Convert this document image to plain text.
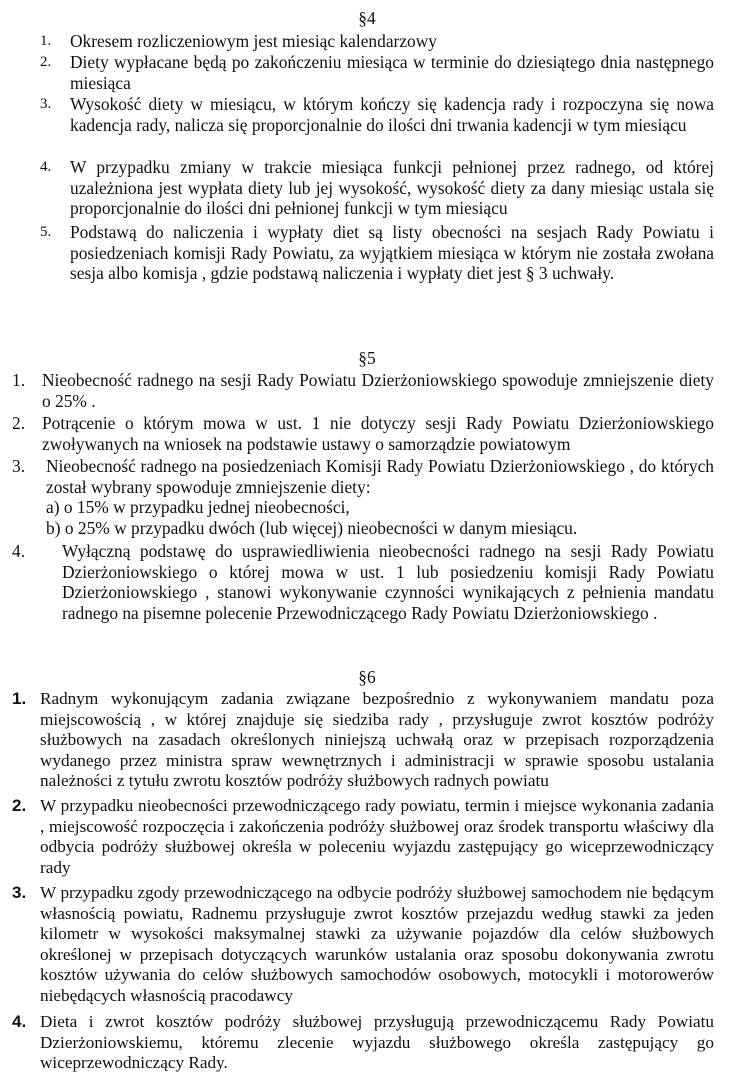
§4
1. Okresem rozliczeniowym jest miesiąc kalendarzowy
2. Diety wypłacane będą po zakończeniu miesiąca w terminie do dziesiątego dnia następnego miesiąca
3. Wysokość diety w miesiącu, w którym kończy się kadencja rady i rozpoczyna się nowa kadencja rady, nalicza się proporcjonalnie do ilości dni trwania kadencji w tym miesiącu
4. W przypadku zmiany w trakcie miesiąca funkcji pełnionej przez radnego, od której uzależniona jest wypłata diety lub jej wysokość, wysokość diety za dany miesiąc ustala się proporcjonalnie do ilości dni pełnionej funkcji w tym miesiącu
5. Podstawą do naliczenia i wypłaty diet są listy obecności na sesjach Rady Powiatu i posiedzeniach komisji Rady Powiatu, za wyjątkiem miesiąca w którym nie została zwołana sesja albo komisja , gdzie podstawą naliczenia i wypłaty diet jest § 3 uchwały.
§5
1. Nieobecność radnego na sesji Rady Powiatu Dzierżoniowskiego spowoduje zmniejszenie diety o 25% .
2. Potrącenie o którym mowa w ust. 1 nie dotyczy sesji Rady Powiatu Dzierżoniowskiego zwoływanych na wniosek na podstawie ustawy o samorządzie powiatowym
3. Nieobecność radnego na posiedzeniach Komisji Rady Powiatu Dzierżoniowskiego , do których został wybrany spowoduje zmniejszenie diety:

a) o 15% w przypadku jednej nieobecności,

b) o 25% w przypadku dwóch (lub więcej) nieobecności w danym miesiącu.

4. Wyłączną podstawę do usprawiedliwienia nieobecności radnego na sesji Rady Powiatu Dzierżoniowskiego o której mowa w ust. 1 lub posiedzeniu komisji Rady Powiatu Dzierżoniowskiego , stanowi wykonywanie czynności wynikających z pełnienia mandatu radnego na pisemne polecenie Przewodniczącego Rady Powiatu Dzierżoniowskiego .
§6
1. Radnym wykonującym zadania związane bezpośrednio z wykonywaniem mandatu poza miejscowością , w której znajduje się siedziba rady , przysługuje zwrot kosztów podróży służbowych na zasadach określonych niniejszą uchwałą oraz w przepisach rozporządzenia wydanego przez ministra spraw wewnętrznych i administracji w sprawie sposobu ustalania należności z tytułu zwrotu kosztów podróży służbowych radnych powiatu
2. W przypadku nieobecności przewodniczącego rady powiatu, termin i miejsce wykonania zadania , miejscowość rozpoczęcia i zakończenia podróży służbowej oraz środek transportu właściwy dla odbycia podróży służbowej określa w poleceniu wyjazdu zastępujący go wiceprzewodniczący rady
3. W przypadku zgody przewodniczącego na odbycie podróży służbowej samochodem nie będącym własnością powiatu, Radnemu przysługuje zwrot kosztów przejazdu według stawki za jeden kilometr w wysokości maksymalnej stawki za używanie pojazdów dla celów służbowych określonej w przepisach dotyczących warunków ustalania oraz sposobu dokonywania zwrotu kosztów używania do celów służbowych samochodów osobowych, motocykli i motorowerów niebędących własnością pracodawcy
4. Dieta i zwrot kosztów podróży służbowej przysługują przewodniczącemu Rady Powiatu Dzierżoniowskiemu, któremu zlecenie wyjazdu służbowego określa zastępujący go wiceprzewodniczący Rady.
